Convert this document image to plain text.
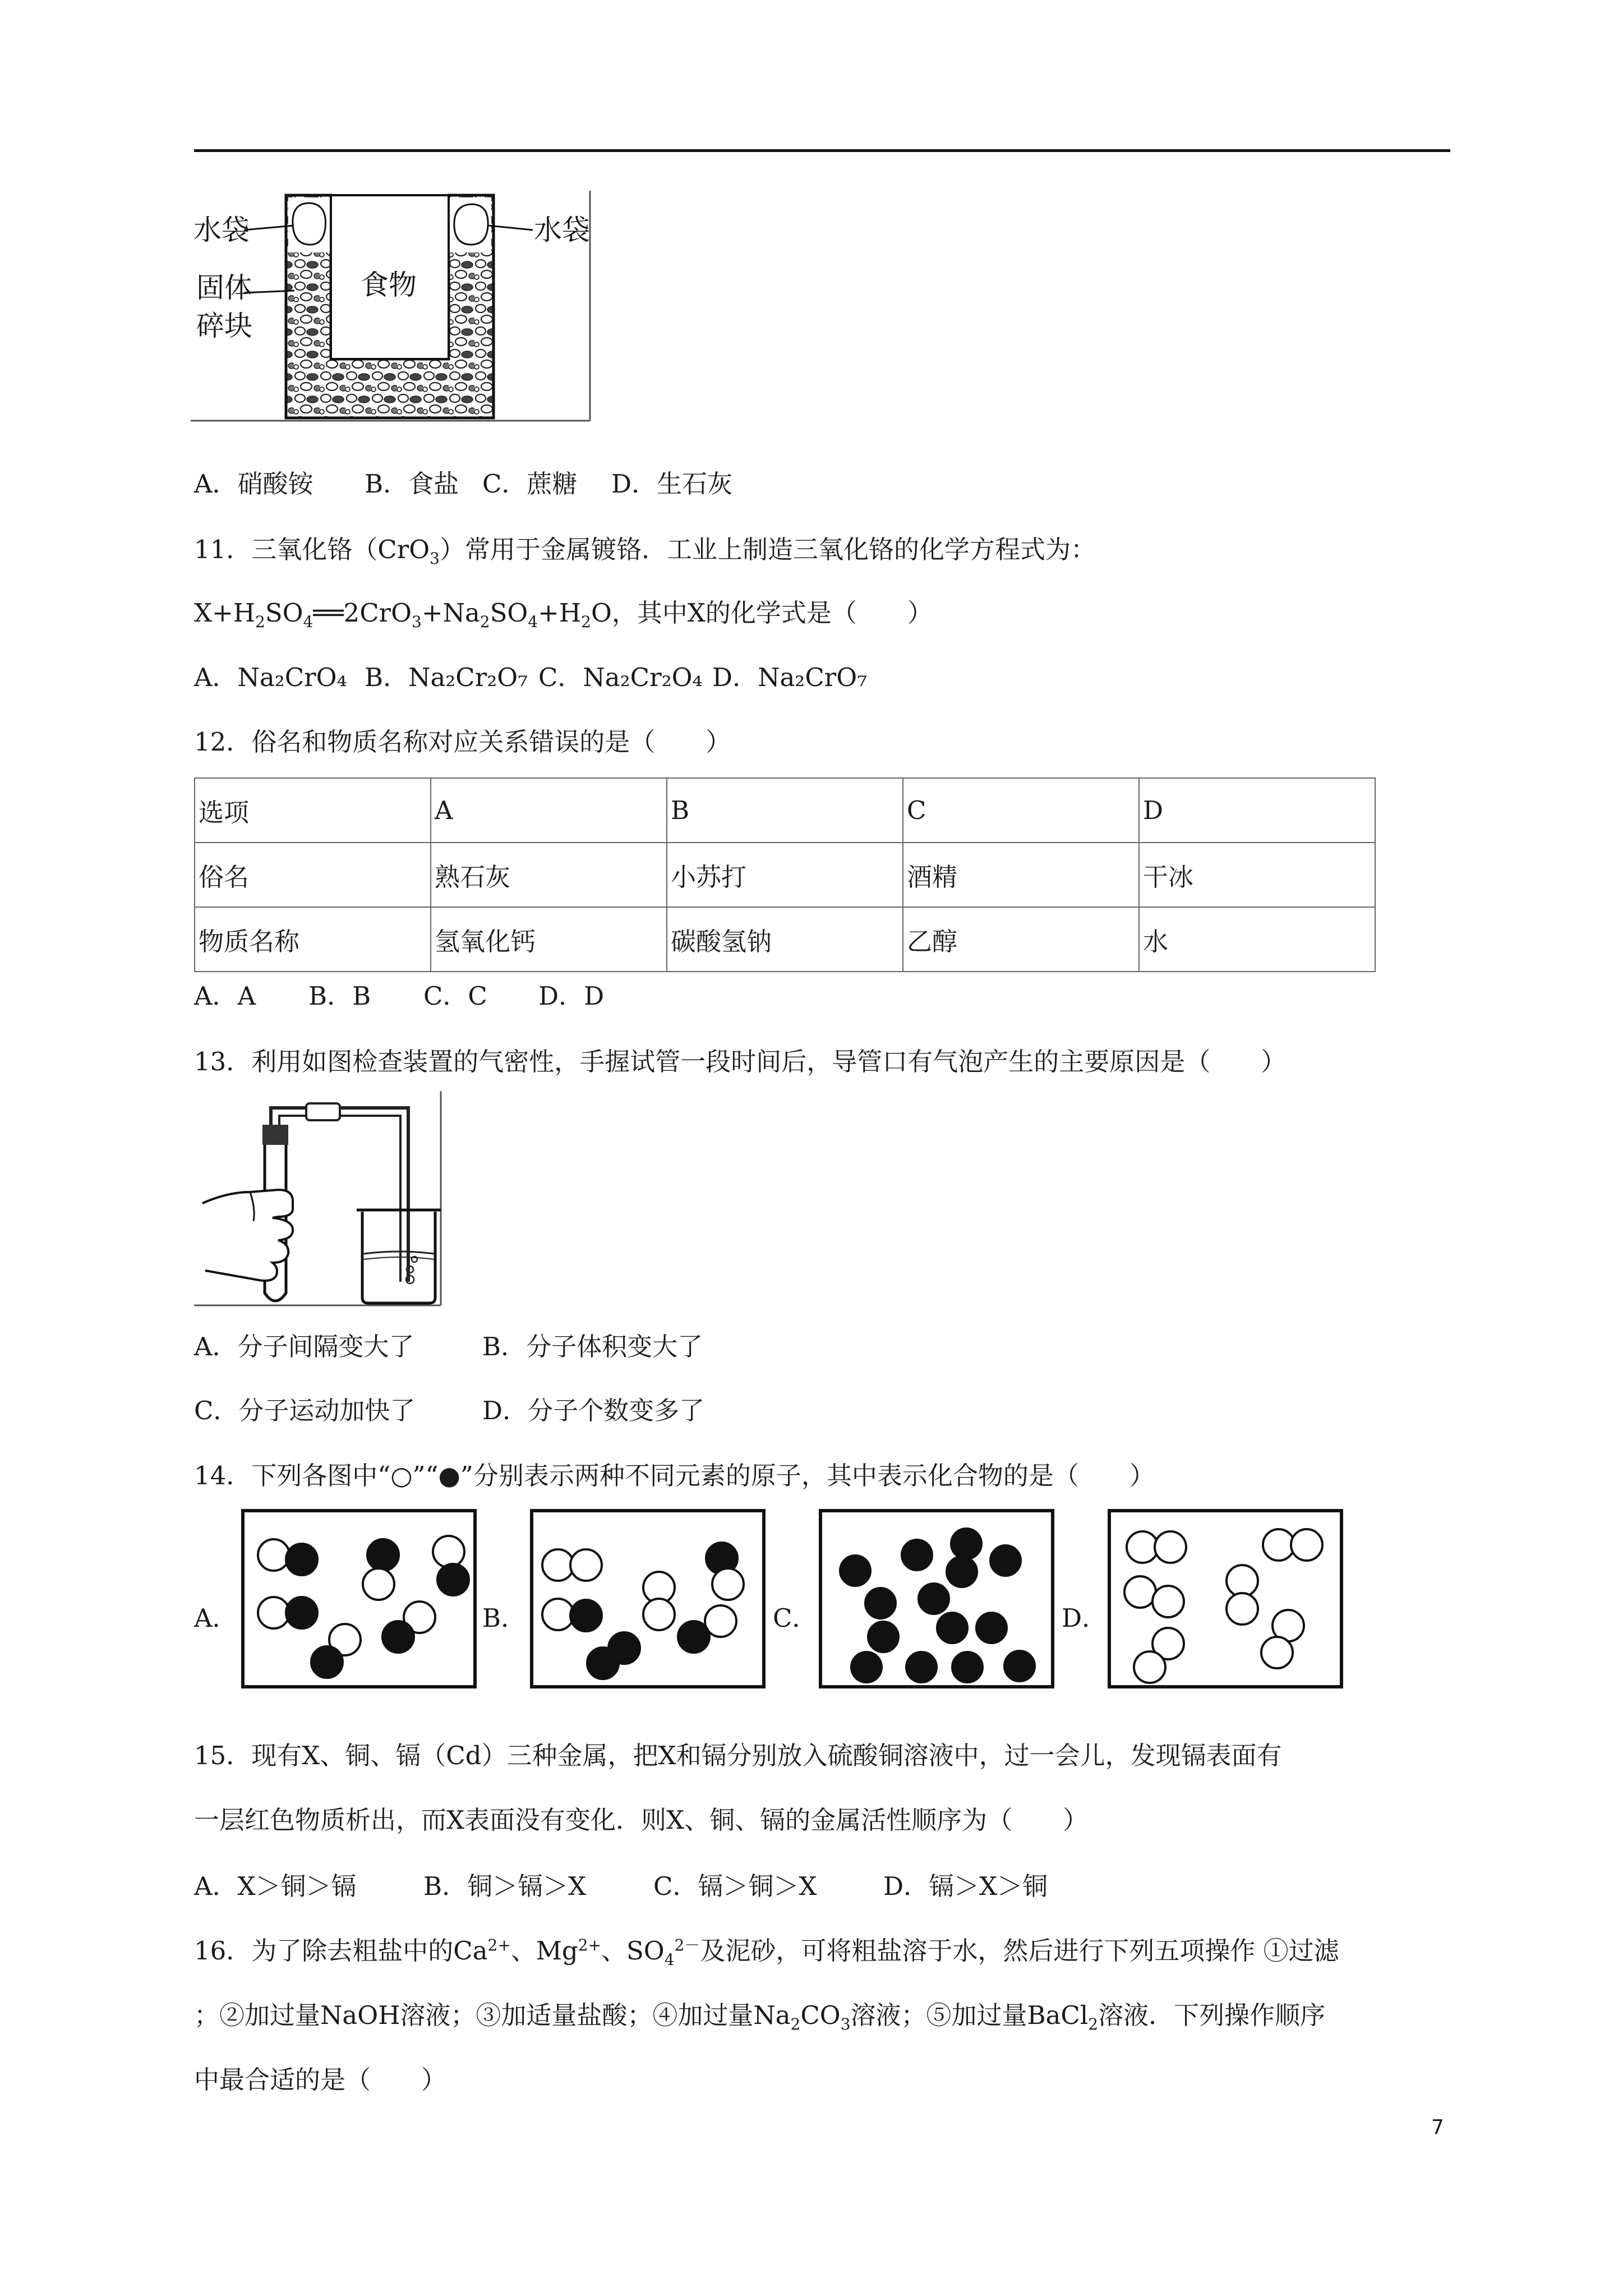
水袋	水袋
固体
碎块
食物
A．硝酸铵 B．食盐 C．蔗糖 D．生石灰
11．三氧化铬（CrO$_3$）常用于金属镀铬．工业上制造三氧化铬的化学方程式为：
$X+H_2SO_4══2CrO_3+Na_2SO_4+H_2O$，其中X的化学式是（　　）
A．Na₂CrO₄ B．Na₂Cr₂O₇ C．Na₂Cr₂O₄ D．Na₂CrO₇
12．俗名和物质名称对应关系错误的是（　　）
选项	A	B	C	D
俗名	熟石灰	小苏打	酒精	干冰
物质名称	氢氧化钙	碳酸氢钠	乙醇	水
A．A B．B C．C D．D
13．利用如图检查装置的气密性，手握试管一段时间后，导管口有气泡产生的主要原因是（　　）
A．分子间隔变大了	B．分子体积变大了
C．分子运动加快了	D．分子个数变多了
14．下列各图中“○”“●”分别表示两种不同元素的原子，其中表示化合物的是（　　）
A．	B．	C．	D．
15．现有X、铜、镉（Cd）三种金属，把X和镉分别放入硫酸铜溶液中，过一会儿，发现镉表面有
一层红色物质析出，而X表面没有变化．则X、铜、镉的金属活性顺序为（　　）
A．X＞铜＞镉	B．铜＞镉＞X	C．镉＞铜＞X	D．镉＞X＞铜
16．为了除去粗盐中的$Ca^{2+}$、$Mg^{2+}$、$SO_4^{2-}$及泥砂，可将粗盐溶于水，然后进行下列五项操作 ①过滤
；②加过量NaOH溶液；③加适量盐酸；④加过量$Na_2CO_3$溶液；⑤加过量BaCl$_2$溶液．下列操作顺序
中最合适的是（　　）
7
